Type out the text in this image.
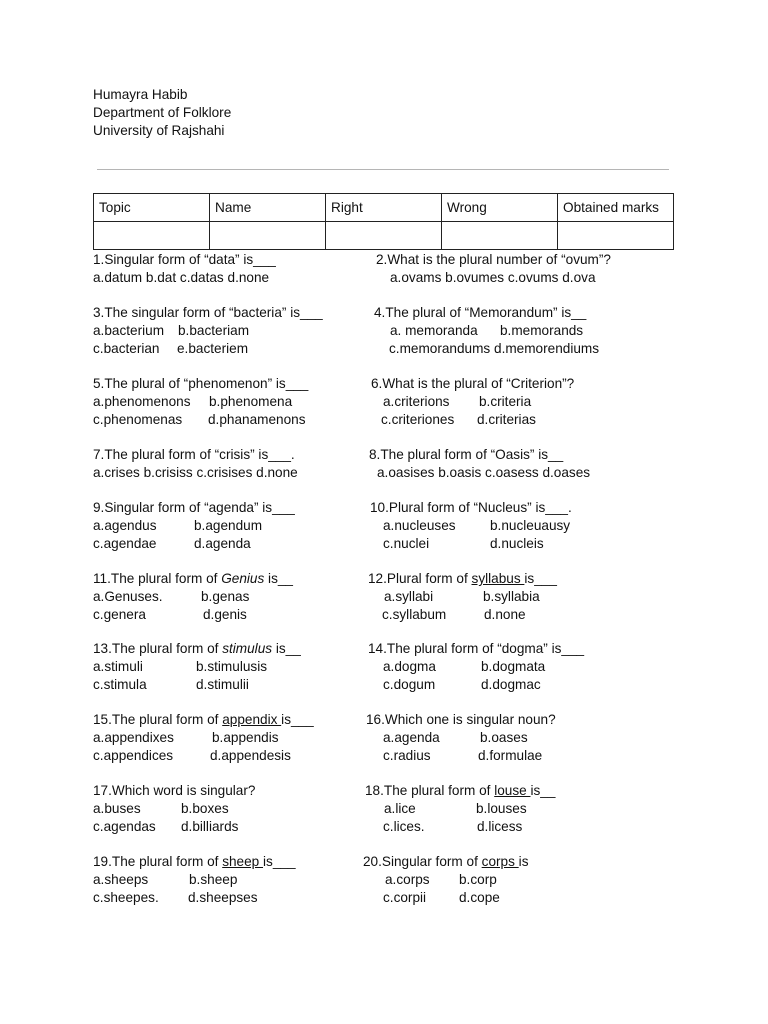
Humayra Habib
Department of Folklore
University of Rajshahi
Topic	Name	Right	Wrong	Obtained marks

1.Singular form of “data” is___
a.datum b.dat c.datas d.none
2.What is the plural number of “ovum”?
a.ovams b.ovumes c.ovums d.ova
3.The singular form of “bacteria” is___
a.bacterium b.bacteriam
c.bacterian e.bacteriem
4.The plural of “Memorandum” is__
a. memoranda b.memorands
c.memorandums d.memorendiums
5.The plural of “phenomenon” is___
a.phenomenons b.phenomena
c.phenomenas d.phanamenons
6.What is the plural of “Criterion”?
a.criterions b.criteria
c.criteriones d.criterias
7.The plural form of “crisis” is___.
a.crises b.crisiss c.crisises d.none
8.The plural form of “Oasis” is__
a.oasises b.oasis c.oasess d.oases
9.Singular form of “agenda” is___
a.agendus	b.agendum
c.agendae	d.agenda
10.Plural form of “Nucleus” is___.
a.nucleuses	b.nucleuausy
c.nuclei	d.nucleis
11.The plural form of Genius is__
a.Genuses.	b.genas
c.genera	d.genis
12.Plural form of syllabus is___
a.syllabi	b.syllabia
c.syllabum	d.none
13.The plural form of stimulus is__
a.stimuli	b.stimulusis
c.stimula	d.stimulii
14.The plural form of “dogma” is___
a.dogma	b.dogmata
c.dogum	d.dogmac
15.The plural form of appendix is___
a.appendixes	b.appendis
c.appendices	d.appendesis
16.Which one is singular noun?
a.agenda	b.oases
c.radius	d.formulae
17.Which word is singular?
a.buses	b.boxes
c.agendas d.billiards
18.The plural form of louse is__
a.lice	b.louses
c.lices.	d.licess
19.The plural form of sheep is___
a.sheeps	b.sheep
c.sheepes. d.sheepses
20.Singular form of corps is
a.corps b.corp
c.corpii d.cope
